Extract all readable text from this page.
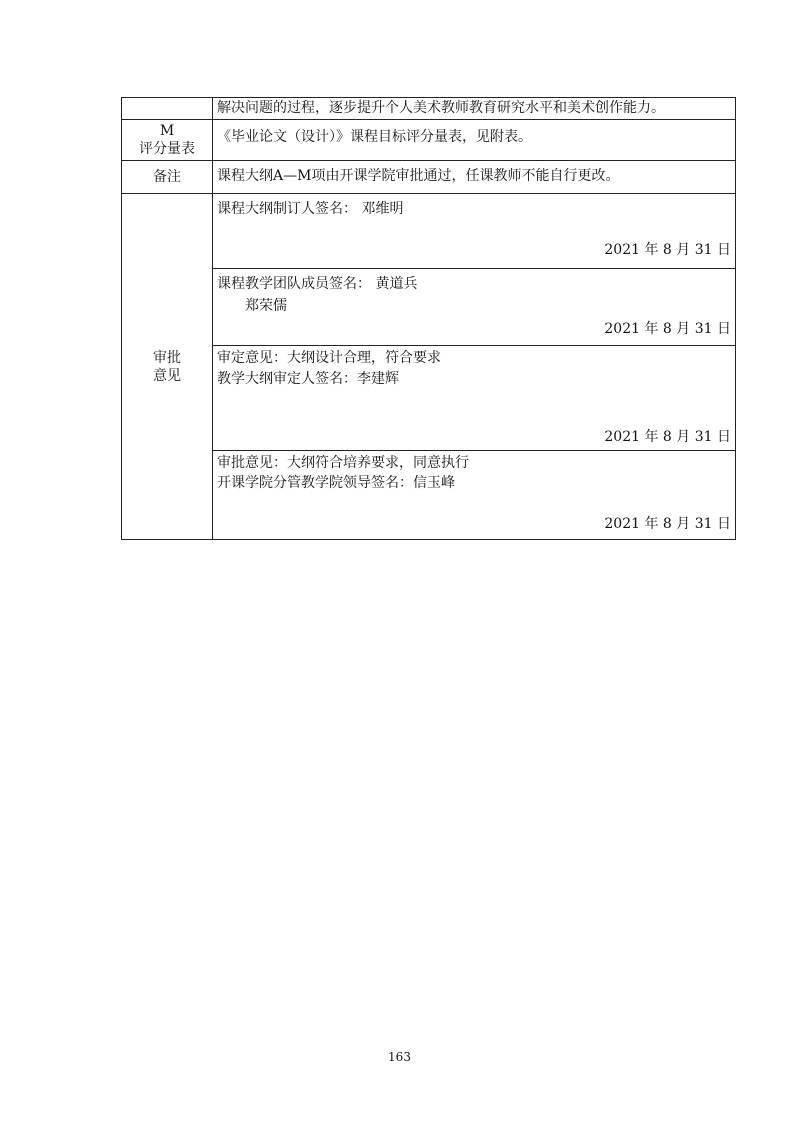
解决问题的过程，逐步提升个人美术教师教育研究水平和美术创作能力。
M
评分量表
《毕业论文（设计）》课程目标评分量表，见附表。
备注	课程大纲A—M项由开课学院审批通过，任课教师不能自行更改。
审批
意见
课程大纲制订人签名： 邓维明
2021 年 8 月 31 日
课程教学团队成员签名： 黄道兵
郑荣儒
2021 年 8 月 31 日
审定意见：大纲设计合理，符合要求
教学大纲审定人签名：李建辉
2021 年 8 月 31 日
审批意见：大纲符合培养要求，同意执行
开课学院分管教学院领导签名：信玉峰
2021 年 8 月 31 日
163
